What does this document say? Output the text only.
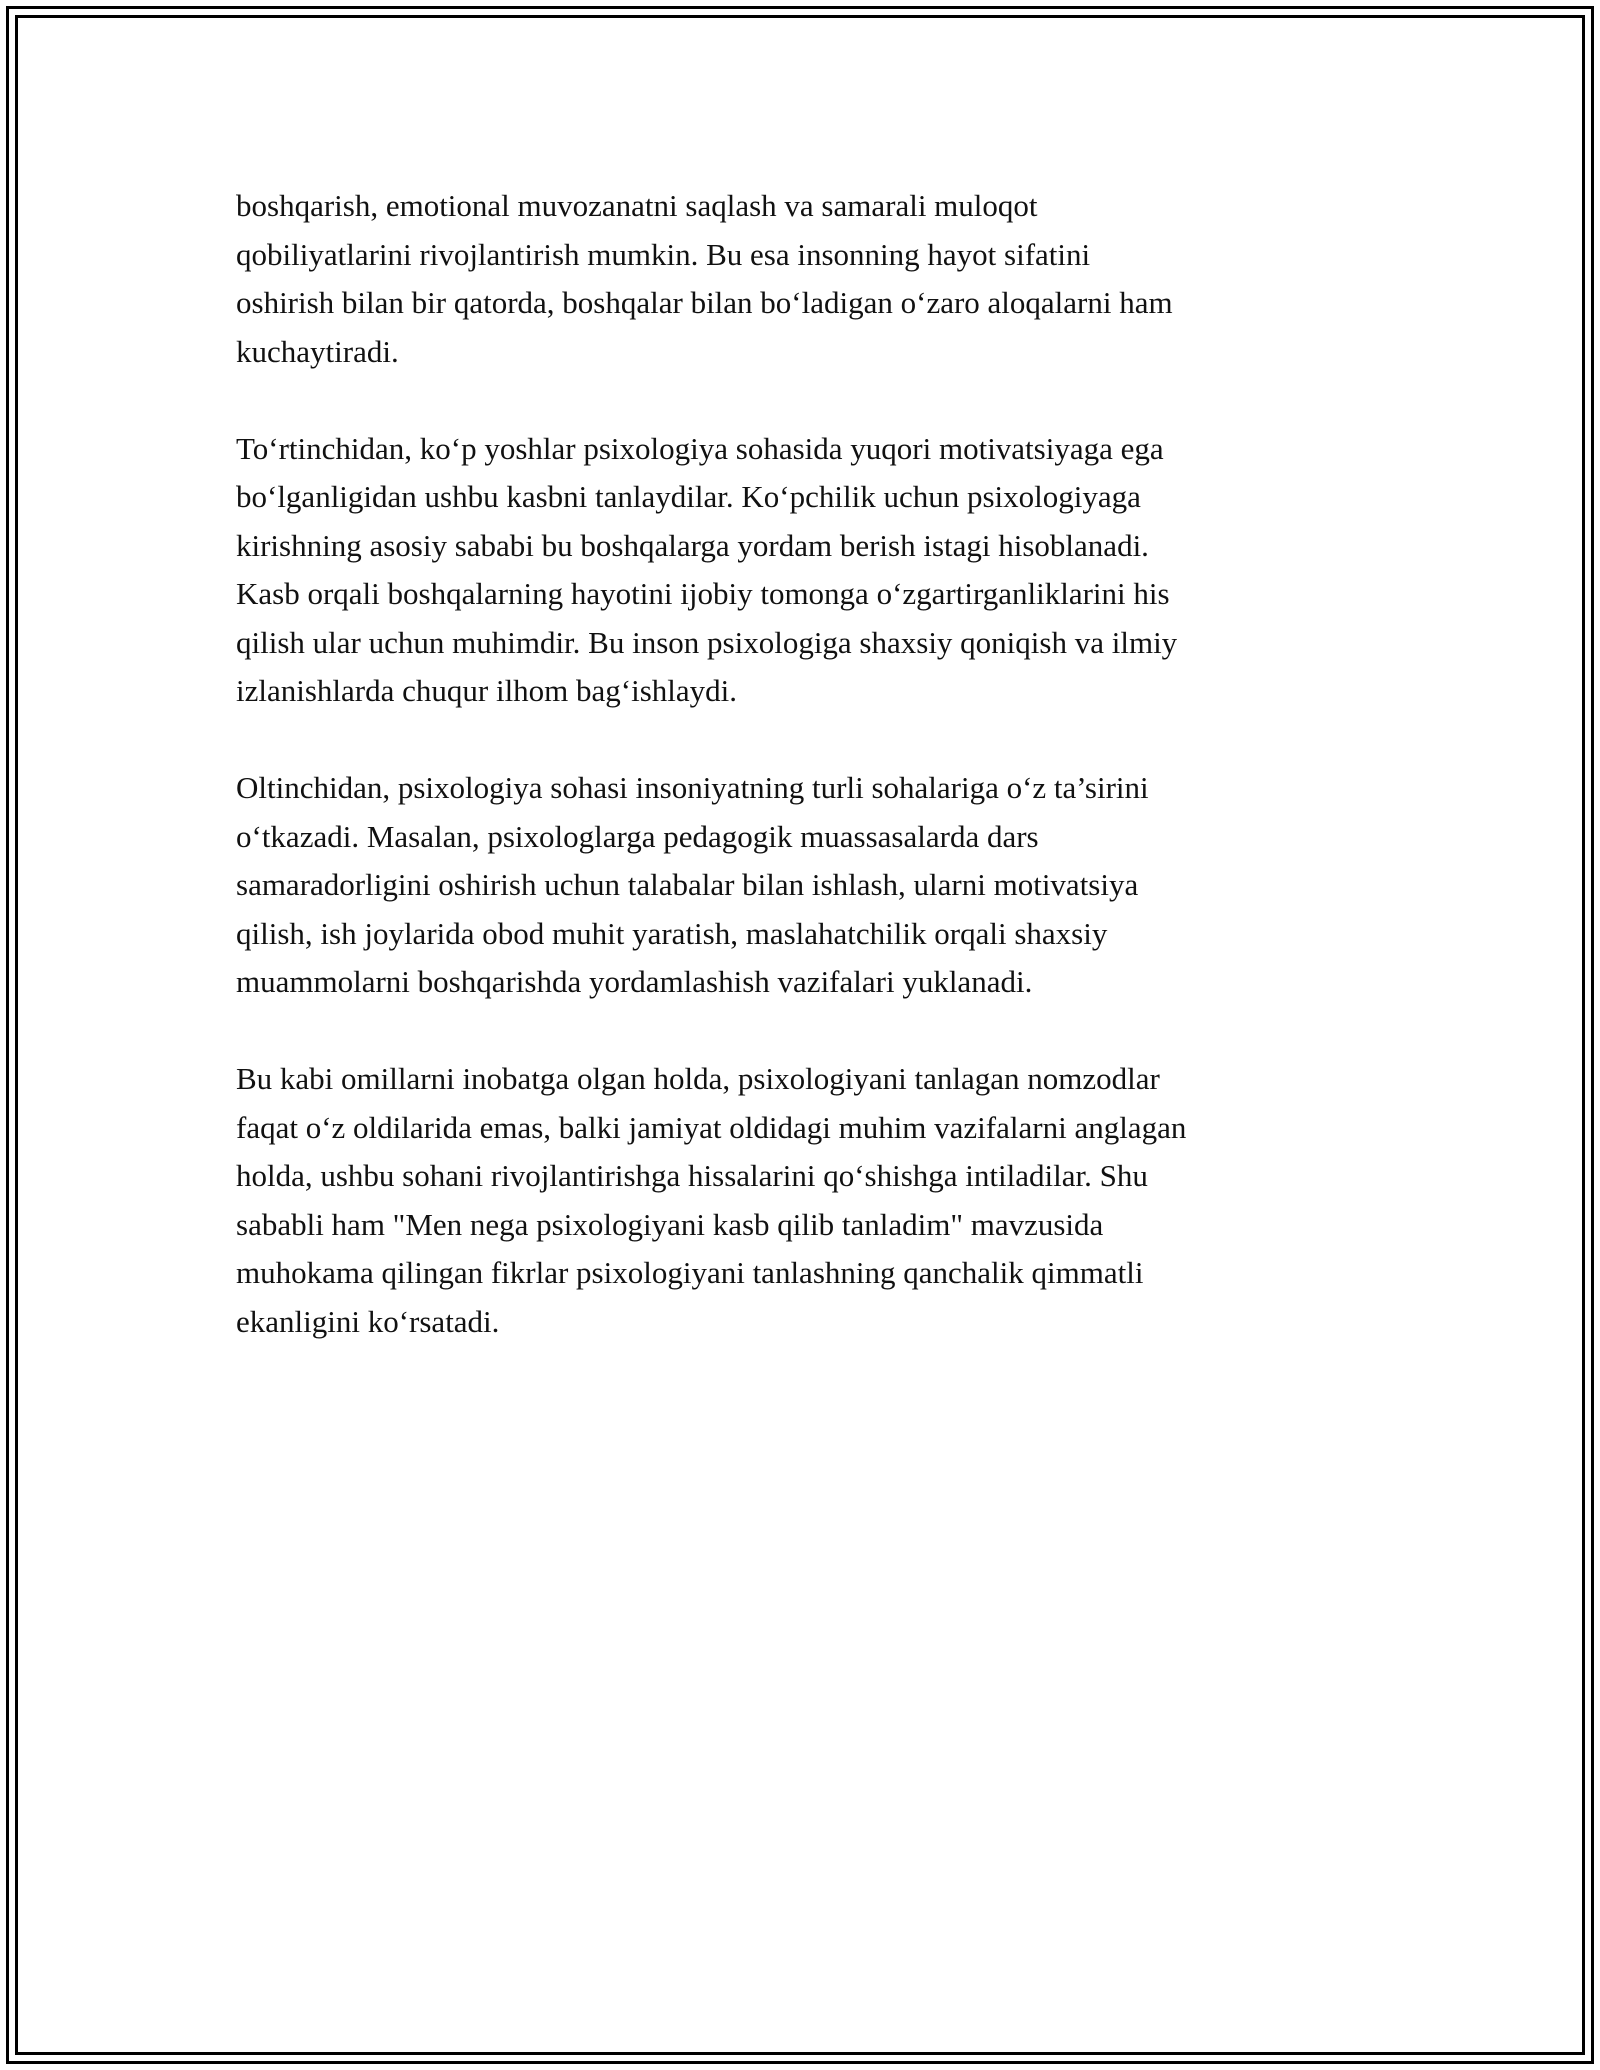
boshqarish, emotional muvozanatni saqlash va samarali muloqot
qobiliyatlarini rivojlantirish mumkin. Bu esa insonning hayot sifatini
oshirish bilan bir qatorda, boshqalar bilan bo‘ladigan o‘zaro aloqalarni ham
kuchaytiradi.

To‘rtinchidan, ko‘p yoshlar psixologiya sohasida yuqori motivatsiyaga ega
bo‘lganligidan ushbu kasbni tanlaydilar. Ko‘pchilik uchun psixologiyaga
kirishning asosiy sababi bu boshqalarga yordam berish istagi hisoblanadi.
Kasb orqali boshqalarning hayotini ijobiy tomonga o‘zgartirganliklarini his
qilish ular uchun muhimdir. Bu inson psixologiga shaxsiy qoniqish va ilmiy
izlanishlarda chuqur ilhom bag‘ishlaydi.

Oltinchidan, psixologiya sohasi insoniyatning turli sohalariga o‘z ta’sirini
o‘tkazadi. Masalan, psixologlarga pedagogik muassasalarda dars
samaradorligini oshirish uchun talabalar bilan ishlash, ularni motivatsiya
qilish, ish joylarida obod muhit yaratish, maslahatchilik orqali shaxsiy
muammolarni boshqarishda yordamlashish vazifalari yuklanadi.

Bu kabi omillarni inobatga olgan holda, psixologiyani tanlagan nomzodlar
faqat o‘z oldilarida emas, balki jamiyat oldidagi muhim vazifalarni anglagan
holda, ushbu sohani rivojlantirishga hissalarini qo‘shishga intiladilar. Shu
sababli ham "Men nega psixologiyani kasb qilib tanladim" mavzusida
muhokama qilingan fikrlar psixologiyani tanlashning qanchalik qimmatli
ekanligini ko‘rsatadi.
